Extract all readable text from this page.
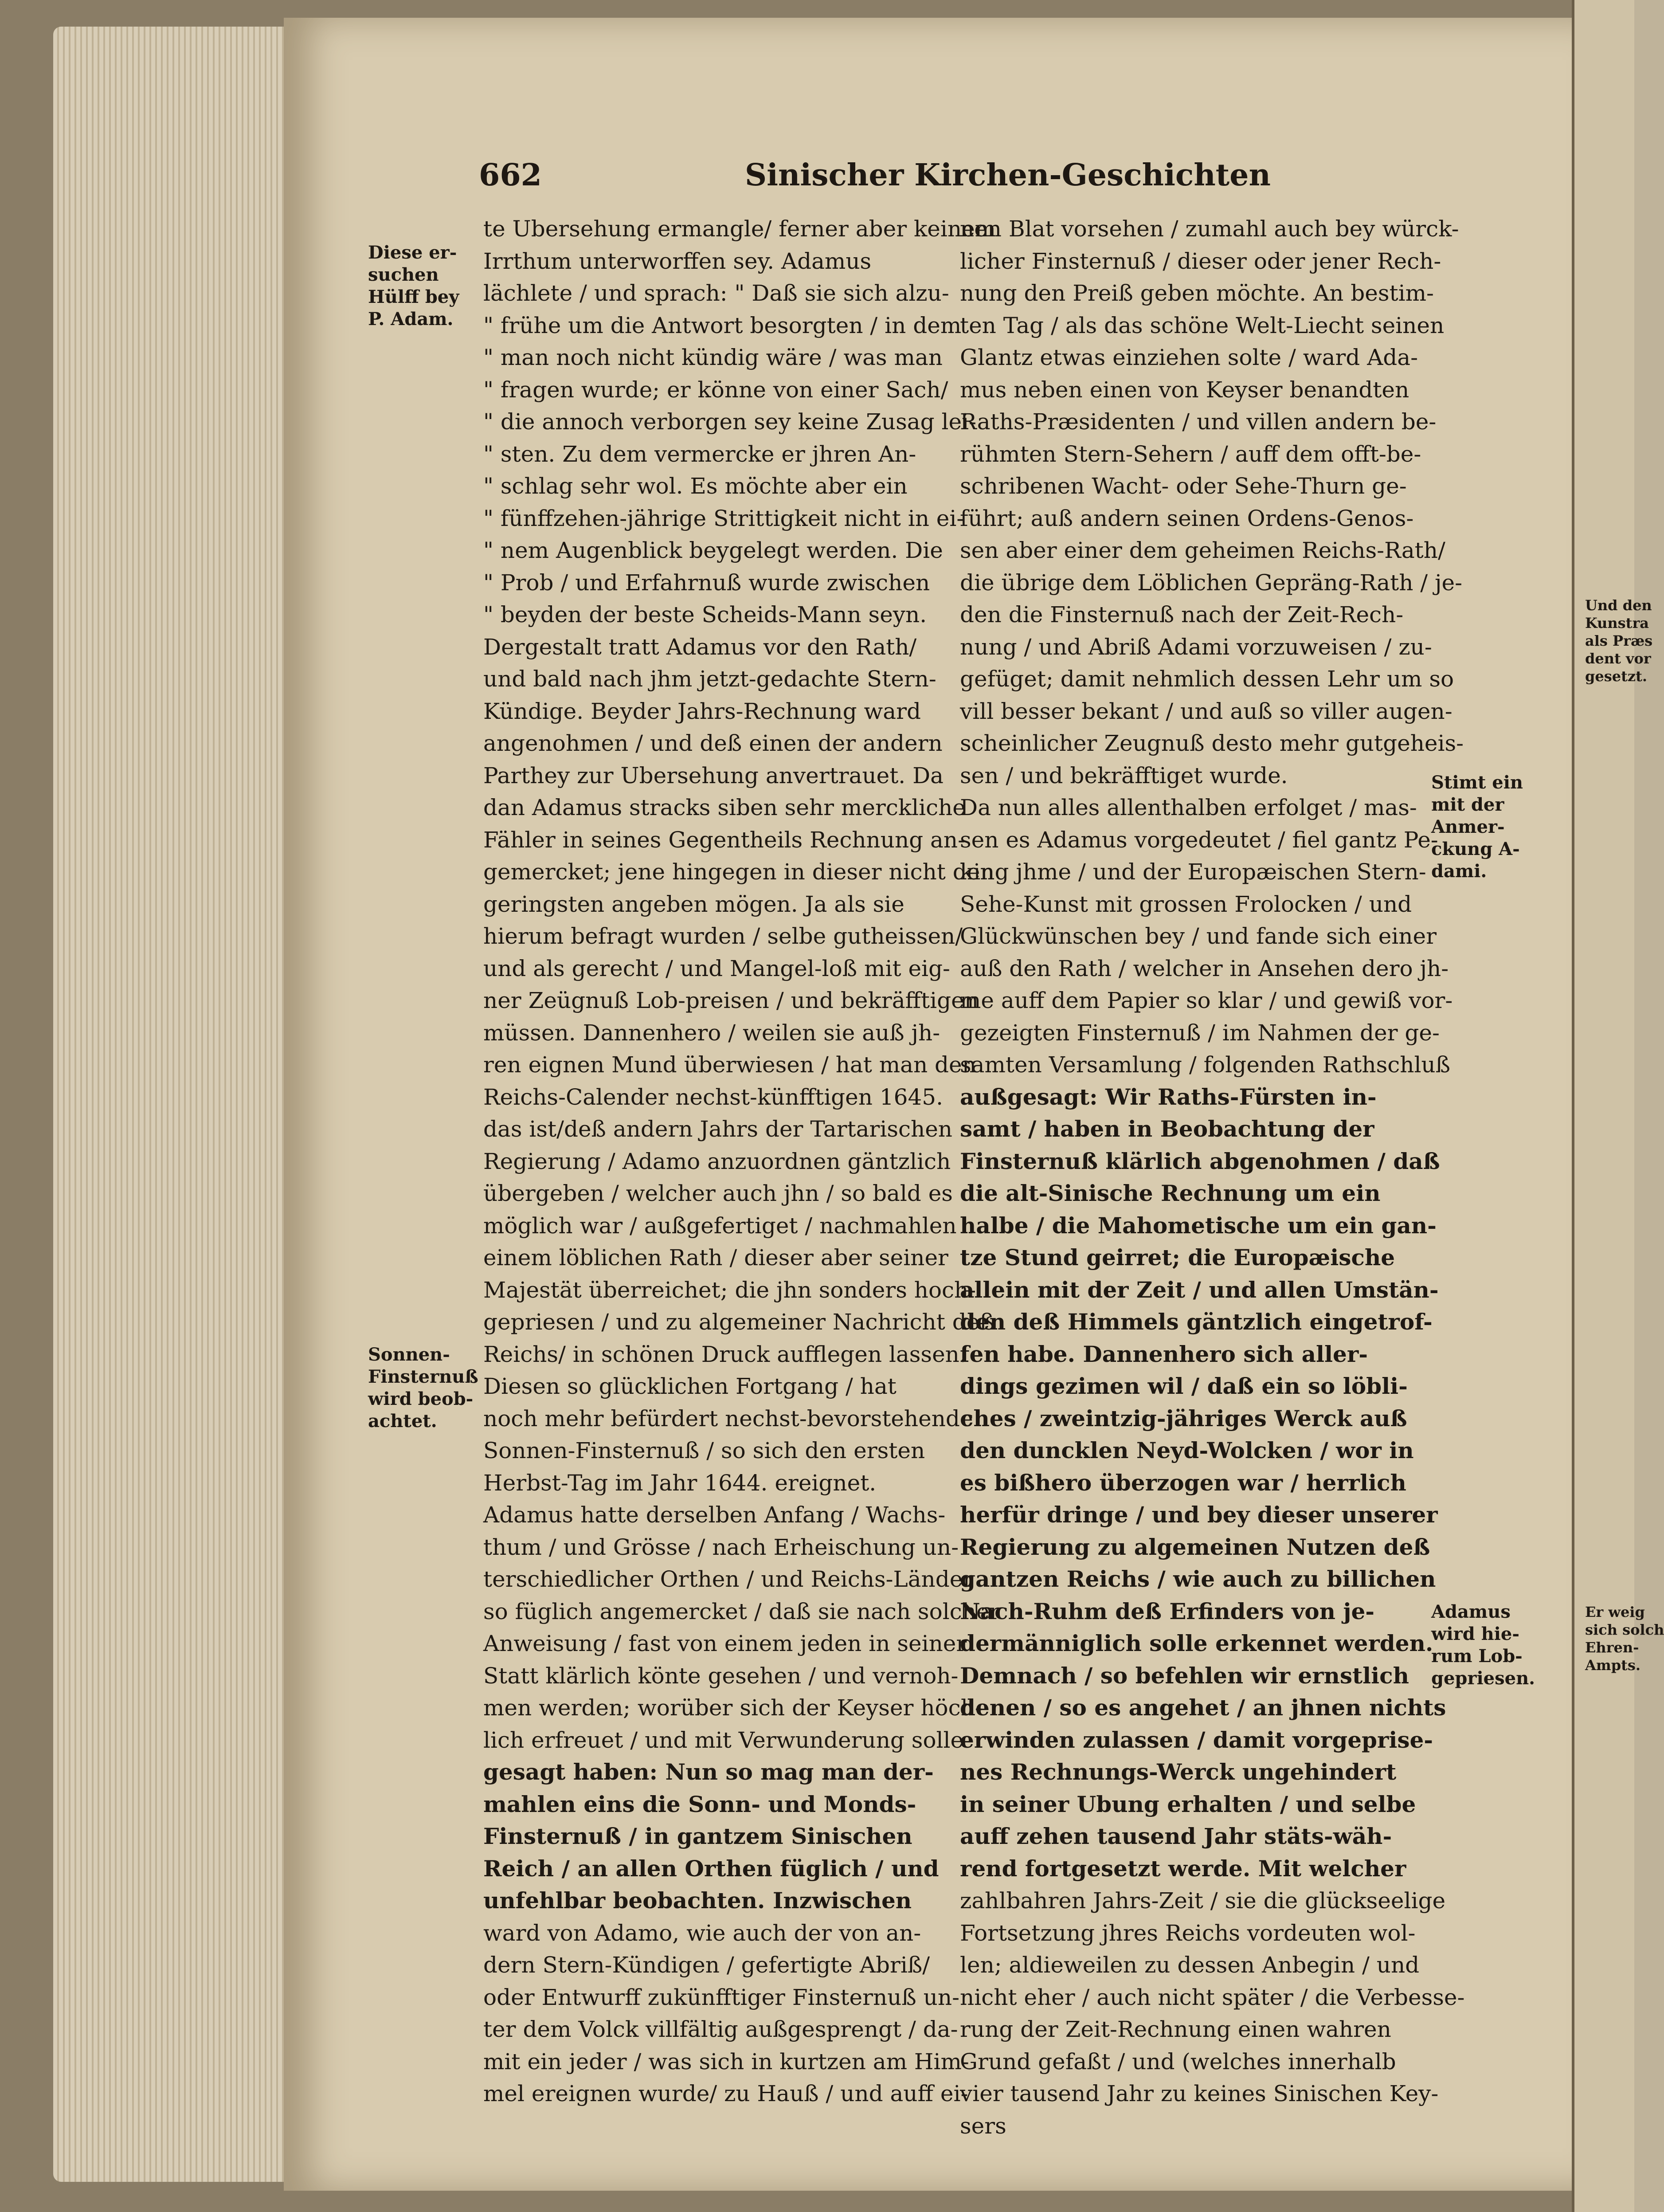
662	Sinischer Kirchen-Geschichten
Diese er-
suchen
Hülff bey
P. Adam.
Sonnen-
Finsternuß
wird beob-
achtet.
Stimt ein
mit der
Anmer-
ckung A-
dami.
Adamus
wird hie-
rum Lob-
gepriesen.
Und den
Kunstra
als Præs
dent vor
gesetzt.
Er weig
sich solch
Ehren-
Ampts.
te Ubersehung ermangle/ ferner aber keinem
Irrthum unterworffen sey. Adamus
lächlete / und sprach: " Daß sie sich alzu-
" frühe um die Antwort besorgten / in dem
" man noch nicht kündig wäre / was man
" fragen wurde; er könne von einer Sach/
" die annoch verborgen sey keine Zusag lei-
" sten. Zu dem vermercke er jhren An-
" schlag sehr wol. Es möchte aber ein
" fünffzehen-jährige Strittigkeit nicht in ei-
" nem Augenblick beygelegt werden. Die
" Prob / und Erfahrnuß wurde zwischen
" beyden der beste Scheids-Mann seyn.
Dergestalt tratt Adamus vor den Rath/
und bald nach jhm jetzt-gedachte Stern-
Kündige. Beyder Jahrs-Rechnung ward
angenohmen / und deß einen der andern
Parthey zur Ubersehung anvertrauet. Da
dan Adamus stracks siben sehr merckliche
Fähler in seines Gegentheils Rechnung an-
gemercket; jene hingegen in dieser nicht den
geringsten angeben mögen. Ja als sie
hierum befragt wurden / selbe gutheissen/
und als gerecht / und Mangel-loß mit eig-
ner Zeügnuß Lob-preisen / und bekräfftigen
müssen. Dannenhero / weilen sie auß jh-
ren eignen Mund überwiesen / hat man den
Reichs-Calender nechst-künfftigen 1645.
das ist/deß andern Jahrs der Tartarischen
Regierung / Adamo anzuordnen gäntzlich
übergeben / welcher auch jhn / so bald es
möglich war / außgefertiget / nachmahlen
einem löblichen Rath / dieser aber seiner
Majestät überreichet; die jhn sonders hoch-
gepriesen / und zu algemeiner Nachricht deß
Reichs/ in schönen Druck aufflegen lassen.
Diesen so glücklichen Fortgang / hat
noch mehr befürdert nechst-bevorstehende
Sonnen-Finsternuß / so sich den ersten
Herbst-Tag im Jahr 1644. ereignet.
Adamus hatte derselben Anfang / Wachs-
thum / und Grösse / nach Erheischung un-
terschiedlicher Orthen / und Reichs-Länder
so füglich angemercket / daß sie nach solcher
Anweisung / fast von einem jeden in seiner
Statt klärlich könte gesehen / und vernoh-
men werden; worüber sich der Keyser höch-
lich erfreuet / und mit Verwunderung solle
gesagt haben: Nun so mag man der-
mahlen eins die Sonn- und Monds-
Finsternuß / in gantzem Sinischen
Reich / an allen Orthen füglich / und
unfehlbar beobachten. Inzwischen
ward von Adamo, wie auch der von an-
dern Stern-Kündigen / gefertigte Abriß/
oder Entwurff zukünfftiger Finsternuß un-
ter dem Volck villfältig außgesprengt / da-
mit ein jeder / was sich in kurtzen am Him-
mel ereignen wurde/ zu Hauß / und auff ei-
nen Blat vorsehen / zumahl auch bey würck-
licher Finsternuß / dieser oder jener Rech-
nung den Preiß geben möchte. An bestim-
ten Tag / als das schöne Welt-Liecht seinen
Glantz etwas einziehen solte / ward Ada-
mus neben einen von Keyser benandten
Raths-Præsidenten / und villen andern be-
rühmten Stern-Sehern / auff dem offt-be-
schribenen Wacht- oder Sehe-Thurn ge-
führt; auß andern seinen Ordens-Genos-
sen aber einer dem geheimen Reichs-Rath/
die übrige dem Löblichen Gepräng-Rath / je-
den die Finsternuß nach der Zeit-Rech-
nung / und Abriß Adami vorzuweisen / zu-
gefüget; damit nehmlich dessen Lehr um so
vill besser bekant / und auß so viller augen-
scheinlicher Zeugnuß desto mehr gutgeheis-
sen / und bekräfftiget wurde.
Da nun alles allenthalben erfolget / mas-
sen es Adamus vorgedeutet / fiel gantz Pe-
king jhme / und der Europæischen Stern-
Sehe-Kunst mit grossen Frolocken / und
Glückwünschen bey / und fande sich einer
auß den Rath / welcher in Ansehen dero jh-
me auff dem Papier so klar / und gewiß vor-
gezeigten Finsternuß / im Nahmen der ge-
samten Versamlung / folgenden Rathschluß
außgesagt: Wir Raths-Fürsten in-
samt / haben in Beobachtung der
Finsternuß klärlich abgenohmen / daß
die alt-Sinische Rechnung um ein
halbe / die Mahometische um ein gan-
tze Stund geirret; die Europæische
allein mit der Zeit / und allen Umstän-
den deß Himmels gäntzlich eingetrof-
fen habe. Dannenhero sich aller-
dings gezimen wil / daß ein so löbli-
ches / zweintzig-jähriges Werck auß
den duncklen Neyd-Wolcken / wor in
es bißhero überzogen war / herrlich
herfür dringe / und bey dieser unserer
Regierung zu algemeinen Nutzen deß
gantzen Reichs / wie auch zu billichen
Nach-Ruhm deß Erfinders von je-
dermänniglich solle erkennet werden.
Demnach / so befehlen wir ernstlich
denen / so es angehet / an jhnen nichts
erwinden zulassen / damit vorgeprise-
nes Rechnungs-Werck ungehindert
in seiner Ubung erhalten / und selbe
auff zehen tausend Jahr stäts-wäh-
rend fortgesetzt werde. Mit welcher
zahlbahren Jahrs-Zeit / sie die glückseelige
Fortsetzung jhres Reichs vordeuten wol-
len; aldieweilen zu dessen Anbegin / und
nicht eher / auch nicht später / die Verbesse-
rung der Zeit-Rechnung einen wahren
Grund gefaßt / und (welches innerhalb
vier tausend Jahr zu keines Sinischen Key-
sers
